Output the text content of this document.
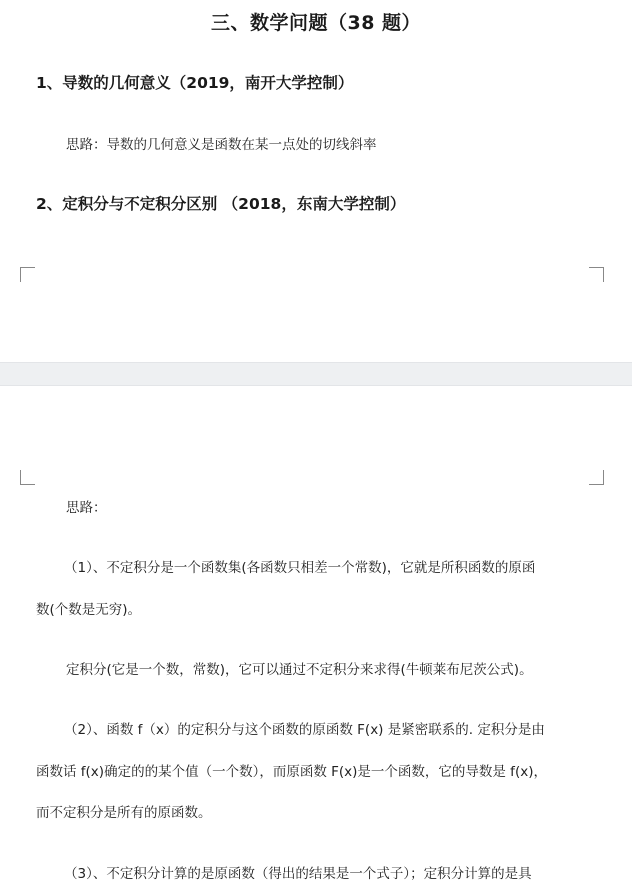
三、数学问题（38 题）
1、导数的几何意义（2019，南开大学控制）
思路：导数的几何意义是函数在某一点处的切线斜率
2、定积分与不定积分区别 （2018，东南大学控制）
思路：
（1）、不定积分是一个函数集(各函数只相差一个常数)，它就是所积函数的原函
数(个数是无穷)。
定积分(它是一个数，常数)，它可以通过不定积分来求得(牛顿莱布尼茨公式)。
（2）、函数 f（x）的定积分与这个函数的原函数 F(x) 是紧密联系的. 定积分是由
函数话 f(x)确定的的某个值（一个数），而原函数 F(x)是一个函数，它的导数是 f(x)，
而不定积分是所有的原函数。
（3）、不定积分计算的是原函数（得出的结果是一个式子）；定积分计算的是具
